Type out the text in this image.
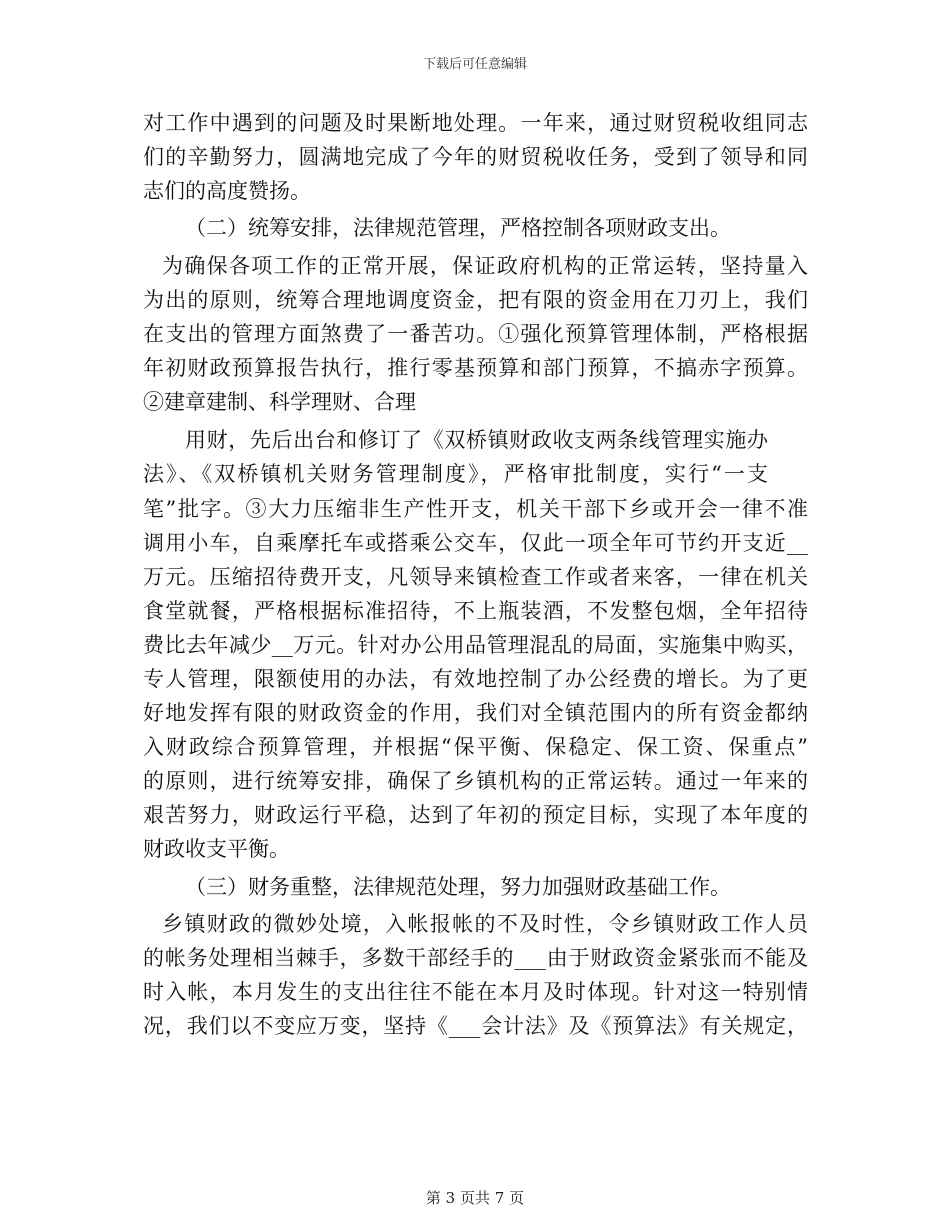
下载后可任意编辑
对工作中遇到的问题及时果断地处理。一年来，通过财贸税收组同志
们的辛勤努力，圆满地完成了今年的财贸税收任务，受到了领导和同
志们的高度赞扬。
（二）统筹安排，法律规范管理，严格控制各项财政支出。
为确保各项工作的正常开展，保证政府机构的正常运转，坚持量入
为出的原则，统筹合理地调度资金，把有限的资金用在刀刃上，我们
在支出的管理方面煞费了一番苦功。①强化预算管理体制，严格根据
年初财政预算报告执行，推行零基预算和部门预算，不搞赤字预算。
②建章建制、科学理财、合理
用财，先后出台和修订了《双桥镇财政收支两条线管理实施办
法》、《双桥镇机关财务管理制度》，严格审批制度，实行“一支
笔”批字。③大力压缩非生产性开支，机关干部下乡或开会一律不准
调用小车，自乘摩托车或搭乘公交车，仅此一项全年可节约开支近__
万元。压缩招待费开支，凡领导来镇检查工作或者来客，一律在机关
食堂就餐，严格根据标准招待，不上瓶装酒，不发整包烟，全年招待
费比去年减少__万元。针对办公用品管理混乱的局面，实施集中购买，
专人管理，限额使用的办法，有效地控制了办公经费的增长。为了更
好地发挥有限的财政资金的作用，我们对全镇范围内的所有资金都纳
入财政综合预算管理，并根据“保平衡、保稳定、保工资、保重点”
的原则，进行统筹安排，确保了乡镇机构的正常运转。通过一年来的
艰苦努力，财政运行平稳，达到了年初的预定目标，实现了本年度的
财政收支平衡。
（三）财务重整，法律规范处理，努力加强财政基础工作。
乡镇财政的微妙处境，入帐报帐的不及时性，令乡镇财政工作人员
的帐务处理相当棘手，多数干部经手的___由于财政资金紧张而不能及
时入帐，本月发生的支出往往不能在本月及时体现。针对这一特别情
况，我们以不变应万变，坚持《___会计法》及《预算法》有关规定，
第 3 页共 7 页
